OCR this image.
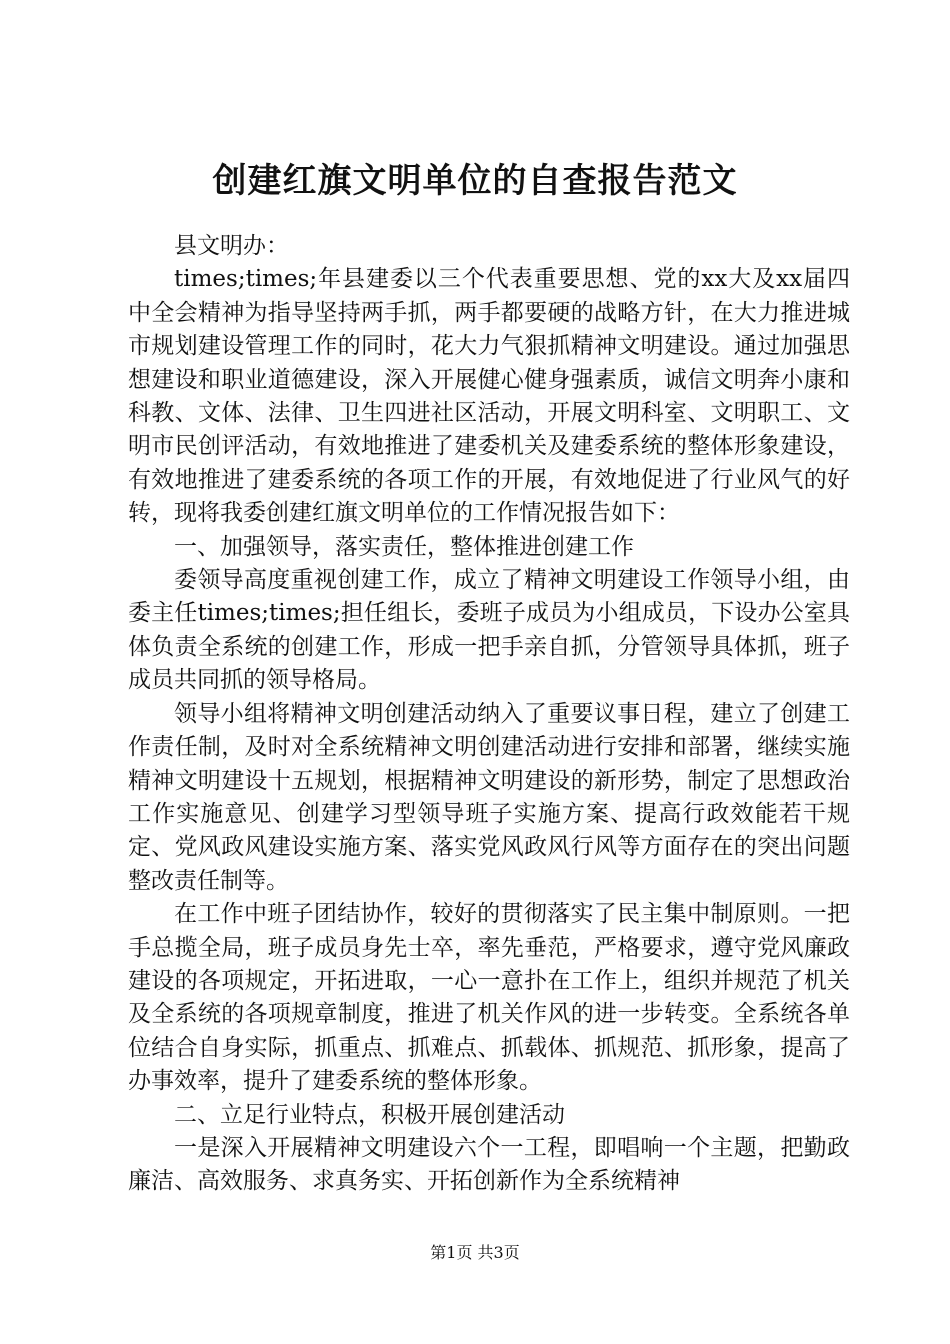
创建红旗文明单位的自查报告范文

县文明办：

times;times;年县建委以三个代表重要思想、党的xx大及xx届四中全会精神为指导坚持两手抓，两手都要硬的战略方针，在大力推进城市规划建设管理工作的同时，花大力气狠抓精神文明建设。通过加强思想建设和职业道德建设，深入开展健心健身强素质，诚信文明奔小康和科教、文体、法律、卫生四进社区活动，开展文明科室、文明职工、文明市民创评活动，有效地推进了建委机关及建委系统的整体形象建设，有效地推进了建委系统的各项工作的开展，有效地促进了行业风气的好转，现将我委创建红旗文明单位的工作情况报告如下：

一、加强领导，落实责任，整体推进创建工作

委领导高度重视创建工作，成立了精神文明建设工作领导小组，由委主任times;times;担任组长，委班子成员为小组成员，下设办公室具体负责全系统的创建工作，形成一把手亲自抓，分管领导具体抓，班子成员共同抓的领导格局。

领导小组将精神文明创建活动纳入了重要议事日程，建立了创建工作责任制，及时对全系统精神文明创建活动进行安排和部署，继续实施精神文明建设十五规划，根据精神文明建设的新形势，制定了思想政治工作实施意见、创建学习型领导班子实施方案、提高行政效能若干规定、党风政风建设实施方案、落实党风政风行风等方面存在的突出问题整改责任制等。

在工作中班子团结协作，较好的贯彻落实了民主集中制原则。一把手总揽全局，班子成员身先士卒，率先垂范，严格要求，遵守党风廉政建设的各项规定，开拓进取，一心一意扑在工作上，组织并规范了机关及全系统的各项规章制度，推进了机关作风的进一步转变。全系统各单位结合自身实际，抓重点、抓难点、抓载体、抓规范、抓形象，提高了办事效率，提升了建委系统的整体形象。

二、立足行业特点，积极开展创建活动

一是深入开展精神文明建设六个一工程，即唱响一个主题，把勤政廉洁、高效服务、求真务实、开拓创新作为全系统精神

第1页 共3页
